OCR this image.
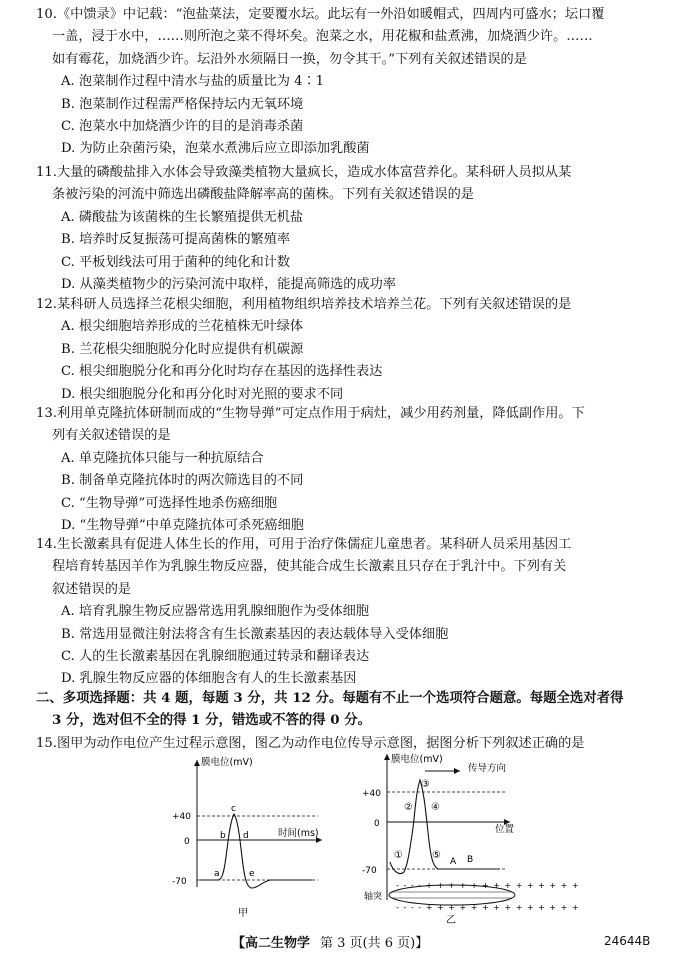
10.《中馈录》中记载：“泡盐菜法，定要覆水坛。此坛有一外沿如暖帽式，四周内可盛水；坛口覆
一盖，浸于水中，……则所泡之菜不得坏矣。泡菜之水，用花椒和盐煮沸，加烧酒少许。……
如有霉花，加烧酒少许。坛沿外水须隔日一换，勿令其干。”下列有关叙述错误的是
A. 泡菜制作过程中清水与盐的质量比为 4∶1
B. 泡菜制作过程需严格保持坛内无氧环境
C. 泡菜水中加烧酒少许的目的是消毒杀菌
D. 为防止杂菌污染，泡菜水煮沸后应立即添加乳酸菌
11.大量的磷酸盐排入水体会导致藻类植物大量疯长，造成水体富营养化。某科研人员拟从某
条被污染的河流中筛选出磷酸盐降解率高的菌株。下列有关叙述错误的是
A. 磷酸盐为该菌株的生长繁殖提供无机盐
B. 培养时反复振荡可提高菌株的繁殖率
C. 平板划线法可用于菌种的纯化和计数
D. 从藻类植物少的污染河流中取样，能提高筛选的成功率
12.某科研人员选择兰花根尖细胞，利用植物组织培养技术培养兰花。下列有关叙述错误的是
A. 根尖细胞培养形成的兰花植株无叶绿体
B. 兰花根尖细胞脱分化时应提供有机碳源
C. 根尖细胞脱分化和再分化时均存在基因的选择性表达
D. 根尖细胞脱分化和再分化时对光照的要求不同
13.利用单克隆抗体研制而成的“生物导弹”可定点作用于病灶，减少用药剂量，降低副作用。下
列有关叙述错误的是
A. 单克隆抗体只能与一种抗原结合
B. 制备单克隆抗体时的两次筛选目的不同
C. “生物导弹”可选择性地杀伤癌细胞
D. “生物导弹”中单克隆抗体可杀死癌细胞
14.生长激素具有促进人体生长的作用，可用于治疗侏儒症儿童患者。某科研人员采用基因工
程培育转基因羊作为乳腺生物反应器，使其能合成生长激素且只存在于乳汁中。下列有关
叙述错误的是
A. 培育乳腺生物反应器常选用乳腺细胞作为受体细胞
B. 常选用显微注射法将含有生长激素基因的表达载体导入受体细胞
C. 人的生长激素基因在乳腺细胞通过转录和翻译表达
D. 乳腺生物反应器的体细胞含有人的生长激素基因
二、多项选择题：共 4 题，每题 3 分，共 12 分。每题有不止一个选项符合题意。每题全选对者得
3 分，选对但不全的得 1 分，错选或不答的得 0 分。
15.图甲为动作电位产生过程示意图，图乙为动作电位传导示意图，据图分析下列叙述正确的是
膜电位(mV)
时间(ms)
+40
0
-70
a
b
c
d
e
甲
- - - - + + + + + + + + + + + + + +
- - - - + + + + + + + + + + + + + +
膜电位(mV)
传导方向
位置
+40
0
-70
①
②
③
④
⑤
A B
轴突
乙
【高二生物学 第 3 页(共 6 页)】	24644B
